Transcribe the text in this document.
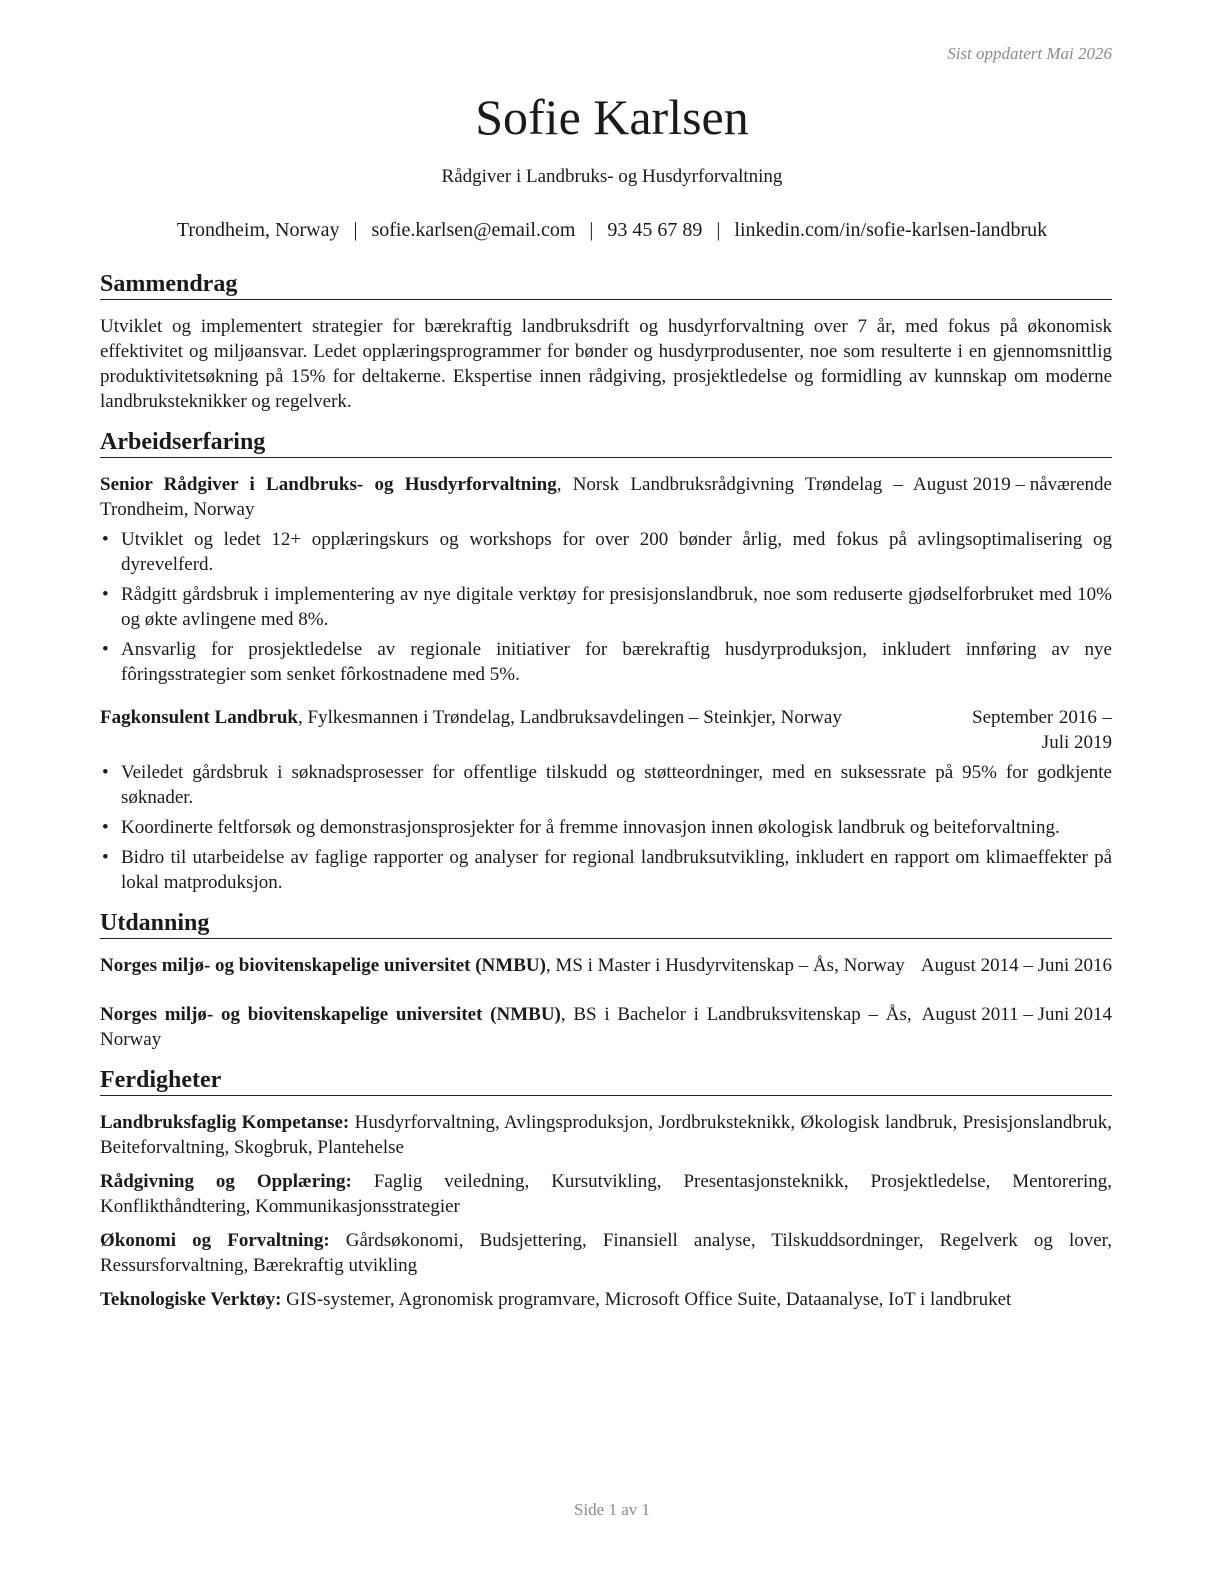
Sist oppdatert Mai 2026
Sofie Karlsen
Rådgiver i Landbruks- og Husdyrforvaltning
Trondheim, Norway | sofie.karlsen@email.com | 93 45 67 89 | linkedin.com/in/sofie-karlsen-landbruk
Sammendrag

Utviklet og implementert strategier for bærekraftig landbruksdrift og husdyrforvaltning over 7 år, med fokus på økonomisk effektivitet og miljøansvar. Ledet opplæringsprogrammer for bønder og husdyrprodusenter, noe som resulterte i en gjennomsnittlig produktivitetsøkning på 15% for deltakerne. Ekspertise innen rådgiving, prosjektledelse og formidling av kunnskap om moderne landbruksteknikker og regelverk.

Arbeidserfaring
Senior Rådgiver i Landbruks- og Husdyrforvaltning, Norsk Landbruksrådgivning Trøndelag – Trondheim, Norway
August 2019 – nåværende
• Utviklet og ledet 12+ opplæringskurs og workshops for over 200 bønder årlig, med fokus på avlingsoptimalisering og dyrevelferd.
• Rådgitt gårdsbruk i implementering av nye digitale verktøy for presisjonslandbruk, noe som reduserte gjødselforbruket med 10% og økte avlingene med 8%.
• Ansvarlig for prosjektledelse av regionale initiativer for bærekraftig husdyrproduksjon, inkludert innføring av nye fôringsstrategier som senket fôrkostnadene med 5%.
Fagkonsulent Landbruk, Fylkesmannen i Trøndelag, Landbruksavdelingen – Steinkjer, Norway	September 2016 – Juli 2019
• Veiledet gårdsbruk i søknadsprosesser for offentlige tilskudd og støtteordninger, med en suksessrate på 95% for godkjente søknader.
• Koordinerte feltforsøk og demonstrasjonsprosjekter for å fremme innovasjon innen økologisk landbruk og beiteforvaltning.
• Bidro til utarbeidelse av faglige rapporter og analyser for regional landbruksutvikling, inkludert en rapport om klimaeffekter på lokal matproduksjon.
Utdanning
Norges miljø- og biovitenskapelige universitet (NMBU), MS i Master i Husdyrvitenskap – Ås, Norway August 2014 – Juni 2016
Norges miljø- og biovitenskapelige universitet (NMBU), BS i Bachelor i Landbruksvitenskap – Ås, Norway
August 2011 – Juni 2014
Ferdigheter

Landbruksfaglig Kompetanse: Husdyrforvaltning, Avlingsproduksjon, Jordbruksteknikk, Økologisk landbruk, Presisjonslandbruk, Beiteforvaltning, Skogbruk, Plantehelse

Rådgivning og Opplæring: Faglig veiledning, Kursutvikling, Presentasjonsteknikk, Prosjektledelse, Mentorering, Konflikthåndtering, Kommunikasjonsstrategier

Økonomi og Forvaltning: Gårdsøkonomi, Budsjettering, Finansiell analyse, Tilskuddsordninger, Regelverk og lover, Ressursforvaltning, Bærekraftig utvikling

Teknologiske Verktøy: GIS-systemer, Agronomisk programvare, Microsoft Office Suite, Dataanalyse, IoT i landbruket

Side 1 av 1
